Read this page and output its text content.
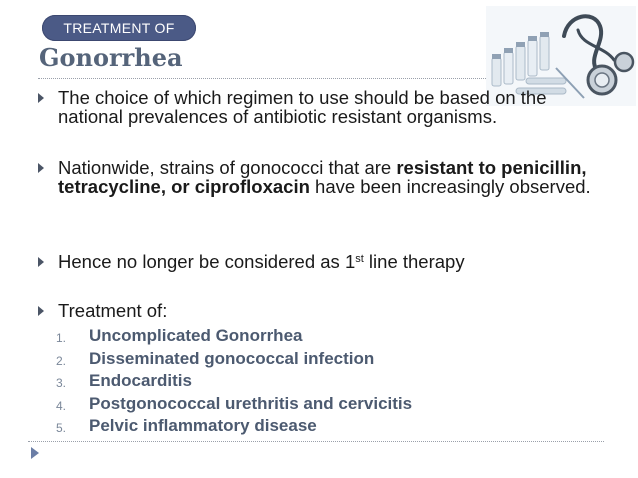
TREATMENT OF
Gonorrhea
The choice of which regimen to use should be based on the national prevalences of antibiotic resistant organisms.
Nationwide, strains of gonococci that are resistant to penicillin, tetracycline, or ciprofloxacin have been increasingly observed.
Hence no longer be considered as 1st line therapy
Treatment of:
1. Uncomplicated Gonorrhea
2. Disseminated gonococcal infection
3. Endocarditis
4. Postgonococcal urethritis and cervicitis
5. Pelvic inflammatory disease
